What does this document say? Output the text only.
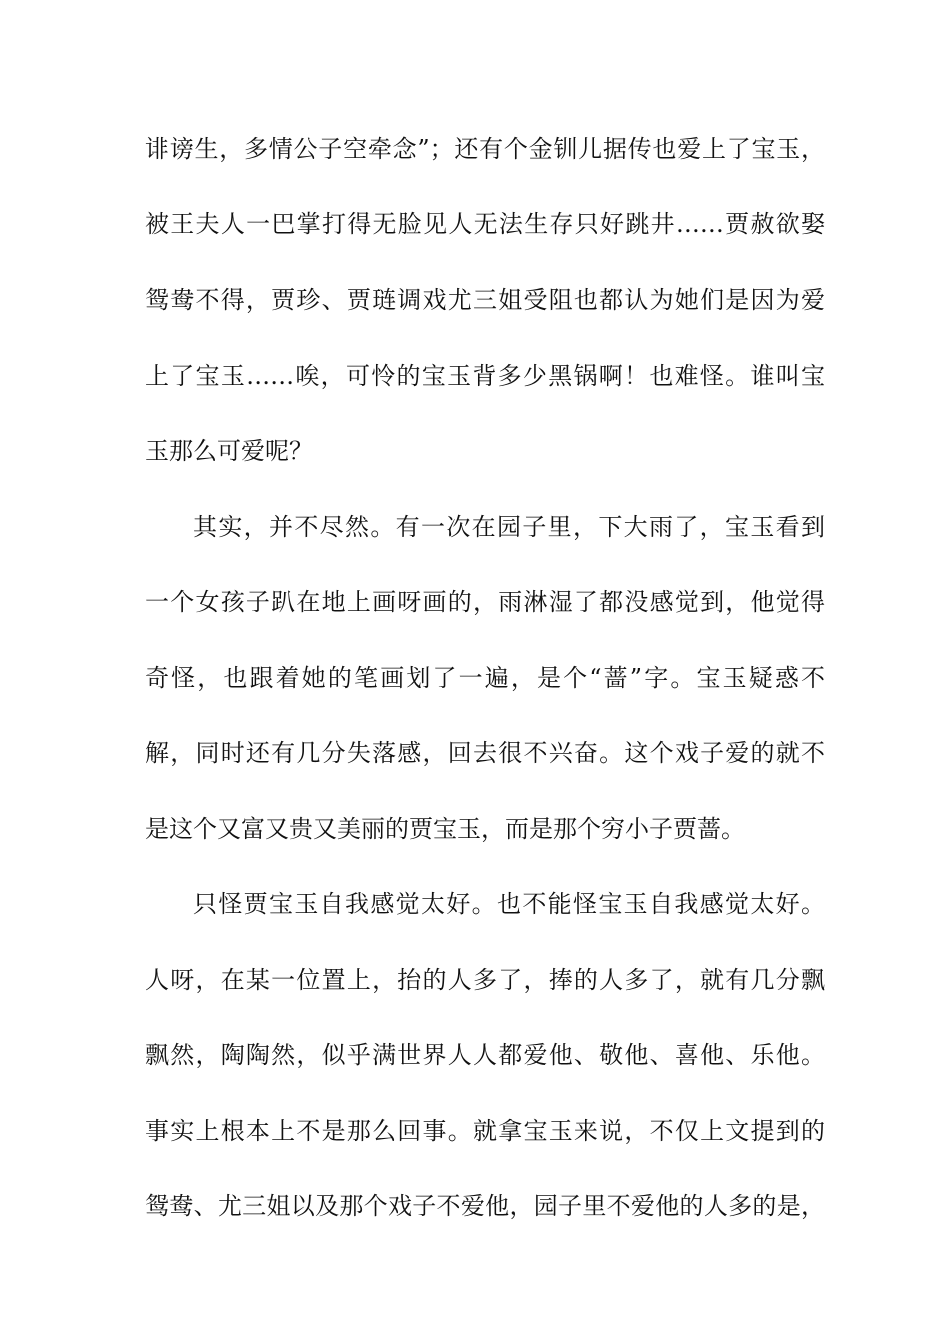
诽谤生，多情公子空牵念”；还有个金钏儿据传也爱上了宝玉，
被王夫人一巴掌打得无脸见人无法生存只好跳井……贾赦欲娶
鸳鸯不得，贾珍、贾琏调戏尤三姐受阻也都认为她们是因为爱
上了宝玉……唉，可怜的宝玉背多少黑锅啊！也难怪。谁叫宝
玉那么可爱呢？
其实，并不尽然。有一次在园子里，下大雨了，宝玉看到
一个女孩子趴在地上画呀画的，雨淋湿了都没感觉到，他觉得
奇怪，也跟着她的笔画划了一遍，是个“蔷”字。宝玉疑惑不
解，同时还有几分失落感，回去很不兴奋。这个戏子爱的就不
是这个又富又贵又美丽的贾宝玉，而是那个穷小子贾蔷。
只怪贾宝玉自我感觉太好。也不能怪宝玉自我感觉太好。
人呀，在某一位置上，抬的人多了，捧的人多了，就有几分飘
飘然，陶陶然，似乎满世界人人都爱他、敬他、喜他、乐他。
事实上根本上不是那么回事。就拿宝玉来说，不仅上文提到的
鸳鸯、尤三姐以及那个戏子不爱他，园子里不爱他的人多的是，
